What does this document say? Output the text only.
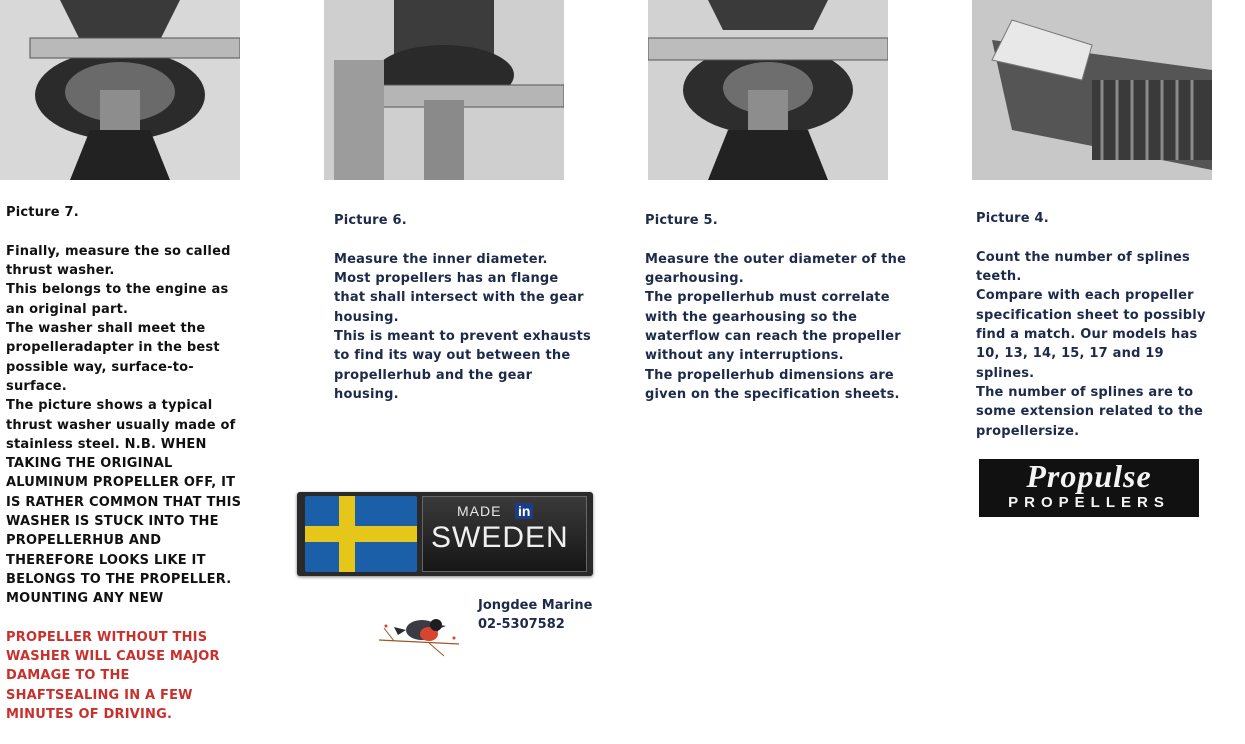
Picture 7.

Finally, measure the so called thrust washer.
This belongs to the engine as an original part.
The washer shall meet the propelleradapter in the best possible way, surface-to-surface.
The picture shows a typical thrust washer usually made of stainless steel. N.B. WHEN TAKING THE ORIGINAL ALUMINUM PROPELLER OFF, IT IS RATHER COMMON THAT THIS WASHER IS STUCK INTO THE PROPELLERHUB AND THEREFORE LOOKS LIKE IT BELONGS TO THE PROPELLER. MOUNTING ANY NEW

PROPELLER WITHOUT THIS WASHER WILL CAUSE MAJOR DAMAGE TO THE SHAFTSEALING IN A FEW MINUTES OF DRIVING.

Picture 6.

Measure the inner diameter.
Most propellers has an flange that shall intersect with the gear housing.
This is meant to prevent exhausts to find its way out between the propellerhub and the gear housing.

Picture 5.

Measure the outer diameter of the gearhousing.
The propellerhub must correlate with the gearhousing so the waterflow can reach the propeller without any interruptions.
The propellerhub dimensions are given on the specification sheets.

Picture 4.

Count the number of splines teeth.
Compare with each propeller specification sheet to possibly find a match. Our models has 10, 13, 14, 15, 17 and 19 splines.
The number of splines are to some extension related to the propellersize.

MADE in
SWEDEN
Jongdee Marine
02-5307582
Propulse
PROPELLERS
